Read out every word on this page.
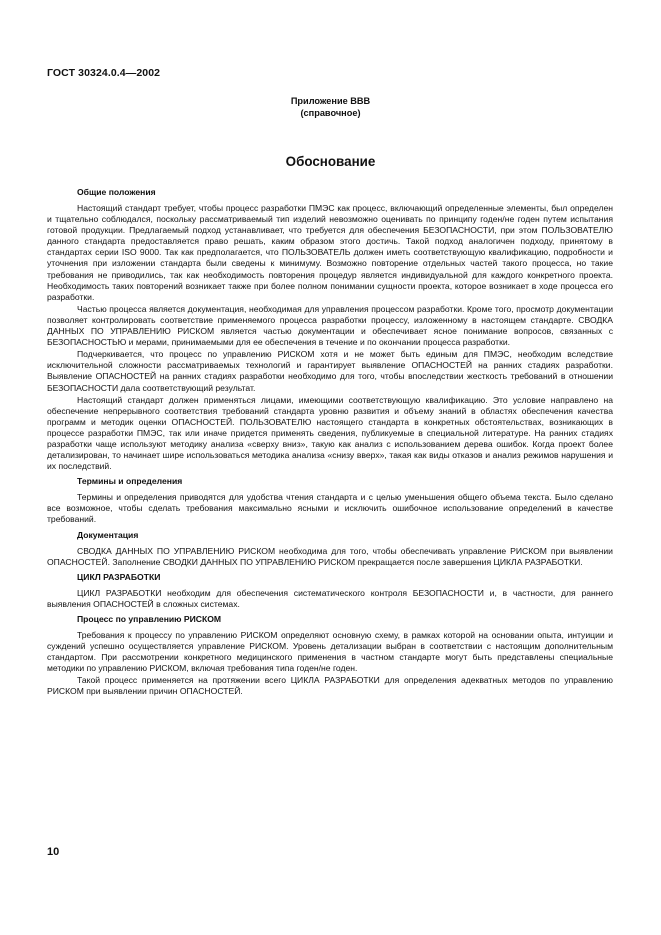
ГОСТ 30324.0.4—2002
Приложение BBB
(справочное)
Обоснование
Общие положения

Настоящий стандарт требует, чтобы процесс разработки ПМЭС как процесс, включающий определенные элементы, был определен и тщательно соблюдался, поскольку рассматриваемый тип изделий невозможно оценивать по принципу годен/не годен путем испытания готовой продукции. Предлагаемый подход устанавливает, что требуется для обеспечения БЕЗОПАСНОСТИ, при этом ПОЛЬЗОВАТЕЛЮ данного стандарта предоставляется право решать, каким образом этого достичь. Такой подход аналогичен подходу, принятому в стандартах серии ISO 9000. Так как предполагается, что ПОЛЬЗОВАТЕЛЬ должен иметь соответствующую квалификацию, подробности и уточнения при изложении стандарта были сведены к минимуму. Возможно повторение отдельных частей такого процесса, но такие требования не приводились, так как необходимость повторения процедур является индивидуальной для каждого конкретного проекта. Необходимость таких повторений возникает также при более полном понимании сущности проекта, которое возникает в ходе процесса его разработки.

Частью процесса является документация, необходимая для управления процессом разработки. Кроме того, просмотр документации позволяет контролировать соответствие применяемого процесса разработки процессу, изложенному в настоящем стандарте. СВОДКА ДАННЫХ ПО УПРАВЛЕНИЮ РИСКОМ является частью документации и обеспечивает ясное понимание вопросов, связанных с БЕЗОПАСНОСТЬЮ и мерами, принимаемыми для ее обеспечения в течение и по окончании процесса разработки.

Подчеркивается, что процесс по управлению РИСКОМ хотя и не может быть единым для ПМЭС, необходим вследствие исключительной сложности рассматриваемых технологий и гарантирует выявление ОПАСНОСТЕЙ на ранних стадиях разработки. Выявление ОПАСНОСТЕЙ на ранних стадиях разработки необходимо для того, чтобы впоследствии жесткость требований в отношении БЕЗОПАСНОСТИ дала соответствующий результат.

Настоящий стандарт должен применяться лицами, имеющими соответствующую квалификацию. Это условие направлено на обеспечение непрерывного соответствия требований стандарта уровню развития и объему знаний в областях обеспечения качества программ и методик оценки ОПАСНОСТЕЙ. ПОЛЬЗОВАТЕЛЮ настоящего стандарта в конкретных обстоятельствах, возникающих в процессе разработки ПМЭС, так или иначе придется применять сведения, публикуемые в специальной литературе. На ранних стадиях разработки чаще используют методику анализа «сверху вниз», такую как анализ с использованием дерева ошибок. Когда проект более детализирован, то начинает шире использоваться методика анализа «снизу вверх», такая как виды отказов и анализ режимов нарушения и их последствий.

Термины и определения

Термины и определения приводятся для удобства чтения стандарта и с целью уменьшения общего объема текста. Было сделано все возможное, чтобы сделать требования максимально ясными и исключить ошибочное использование определений в качестве требований.

Документация

СВОДКА ДАННЫХ ПО УПРАВЛЕНИЮ РИСКОМ необходима для того, чтобы обеспечивать управление РИСКОМ при выявлении ОПАСНОСТЕЙ. Заполнение СВОДКИ ДАННЫХ ПО УПРАВЛЕНИЮ РИСКОМ прекращается после завершения ЦИКЛА РАЗРАБОТКИ.

ЦИКЛ РАЗРАБОТКИ

ЦИКЛ РАЗРАБОТКИ необходим для обеспечения систематического контроля БЕЗОПАСНОСТИ и, в частности, для раннего выявления ОПАСНОСТЕЙ в сложных системах.

Процесс по управлению РИСКОМ

Требования к процессу по управлению РИСКОМ определяют основную схему, в рамках которой на основании опыта, интуиции и суждений успешно осуществляется управление РИСКОМ. Уровень детализации выбран в соответствии с настоящим дополнительным стандартом. При рассмотрении конкретного медицинского применения в частном стандарте могут быть представлены специальные методики по управлению РИСКОМ, включая требования типа годен/не годен.

Такой процесс применяется на протяжении всего ЦИКЛА РАЗРАБОТКИ для определения адекватных методов по управлению РИСКОМ при выявлении причин ОПАСНОСТЕЙ.

10
